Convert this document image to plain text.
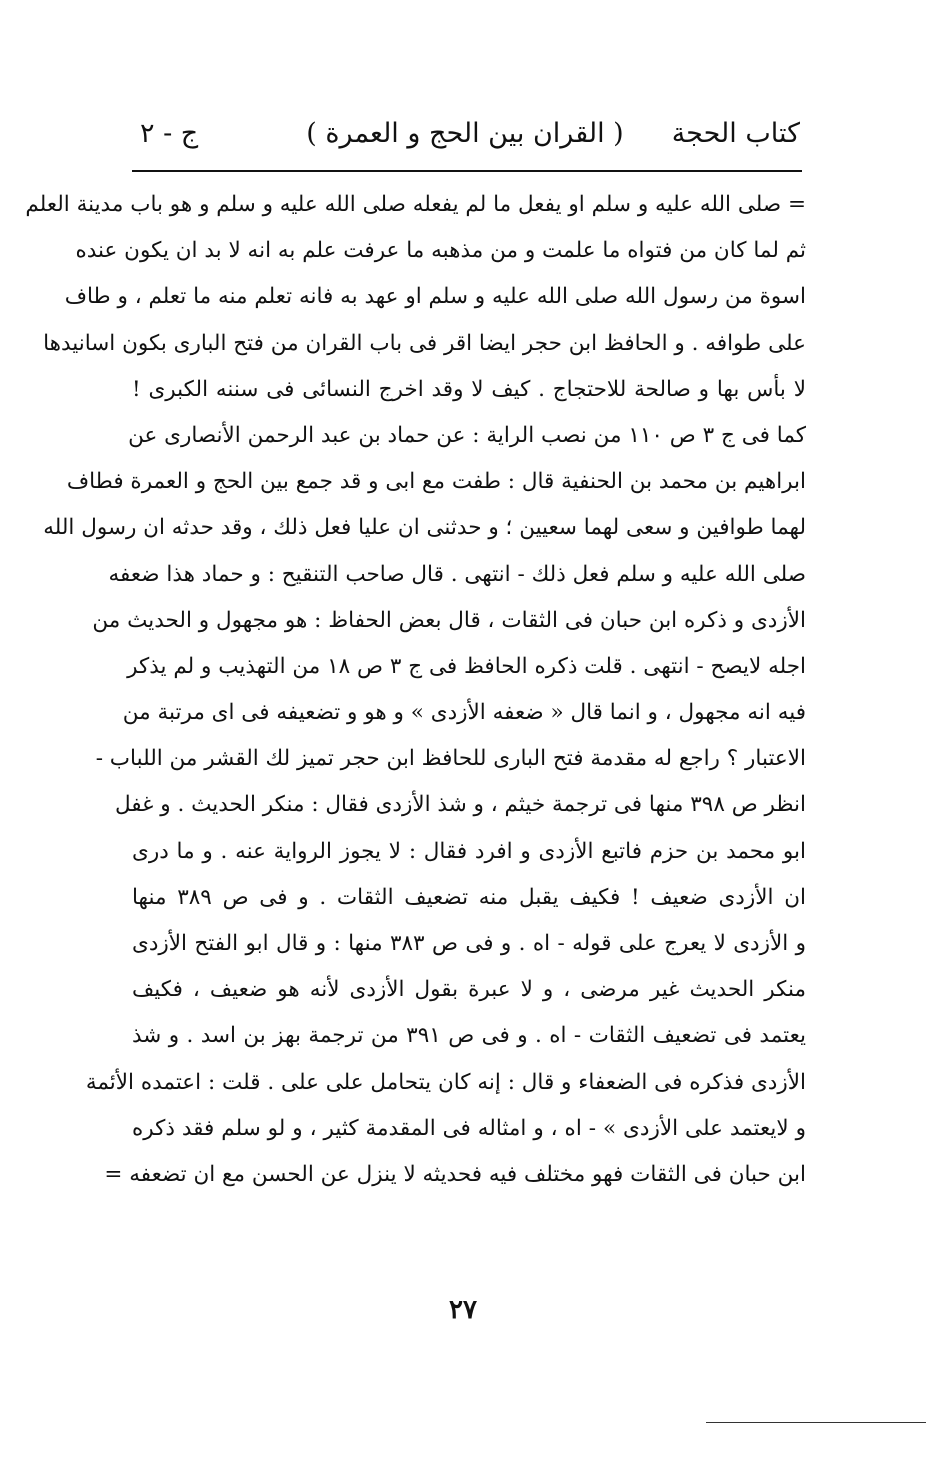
كتاب الحجة
( القران بين الحج و العمرة )
ج - ٢
= صلى الله عليه و سلم او يفعل ما لم يفعله صلى الله عليه و سلم و هو باب مدينة العلم
ثم لما كان من فتواه ما علمت و من مذهبه ما عرفت علم به انه لا بد ان يكون عنده
اسوة من رسول الله صلى الله عليه و سلم او عهد به فانه تعلم منه ما تعلم ، و طاف
على طوافه . و الحافظ ابن حجر ايضا اقر فى باب القران من فتح البارى بكون اسانيدها
لا بأس بها و صالحة للاحتجاج . كيف لا وقد اخرج النسائى فى سننه الكبرى !
كما فى ج ٣ ص ١١٠ من نصب الراية : عن حماد بن عبد الرحمن الأنصارى عن
ابراهيم بن محمد بن الحنفية قال : طفت مع ابى و قد جمع بين الحج و العمرة فطاف
لهما طوافين و سعى لهما سعيين ؛ و حدثنى ان عليا فعل ذلك ، وقد حدثه ان رسول الله
صلى الله عليه و سلم فعل ذلك - انتهى . قال صاحب التنقيح : و حماد هذا ضعفه
الأزدى و ذكره ابن حبان فى الثقات ، قال بعض الحفاظ : هو مجهول و الحديث من
اجله لايصح - انتهى . قلت ذكره الحافظ فى ج ٣ ص ١٨ من التهذيب و لم يذكر
فيه انه مجهول ، و انما قال « ضعفه الأزدى » و هو و تضعيفه فى اى مرتبة من
الاعتبار ؟ راجع له مقدمة فتح البارى للحافظ ابن حجر تميز لك القشر من اللباب -
انظر ص ٣٩٨ منها فى ترجمة خيثم ، و شذ الأزدى فقال : منكر الحديث . و غفل
ابو محمد بن حزم فاتبع الأزدى و افرد فقال : لا يجوز الرواية عنه . و ما درى
ان الأزدى ضعيف ! فكيف يقبل منه تضعيف الثقات . و فى ص ٣٨٩ منها
و الأزدى لا يعرج على قوله - اه . و فى ص ٣٨٣ منها : و قال ابو الفتح الأزدى
منكر الحديث غير مرضى ، و لا عبرة بقول الأزدى لأنه هو ضعيف ، فكيف
يعتمد فى تضعيف الثقات - اه . و فى ص ٣٩١ من ترجمة بهز بن اسد . و شذ
الأزدى فذكره فى الضعفاء و قال : إنه كان يتحامل على على . قلت : اعتمده الأئمة
و لايعتمد على الأزدى » - اه ، و امثاله فى المقدمة كثير ، و لو سلم فقد ذكره
ابن حبان فى الثقات فهو مختلف فيه فحديثه لا ينزل عن الحسن مع ان تضعفه =
٢٧
